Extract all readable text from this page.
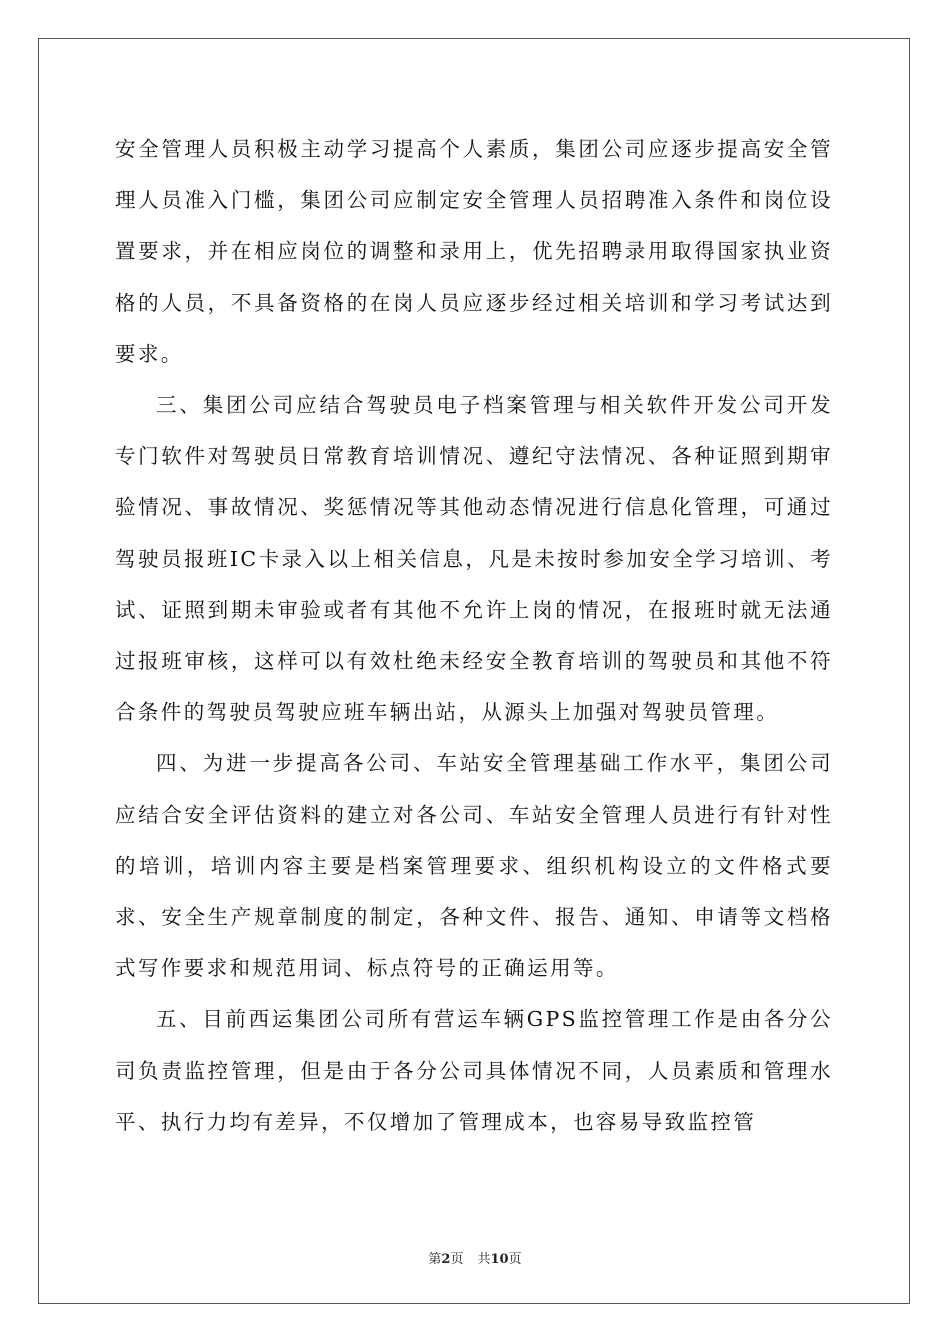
安全管理人员积极主动学习提高个人素质，集团公司应逐步提高安全管理人员准入门槛，集团公司应制定安全管理人员招聘准入条件和岗位设置要求，并在相应岗位的调整和录用上，优先招聘录用取得国家执业资格的人员，不具备资格的在岗人员应逐步经过相关培训和学习考试达到要求。

三、集团公司应结合驾驶员电子档案管理与相关软件开发公司开发专门软件对驾驶员日常教育培训情况、遵纪守法情况、各种证照到期审验情况、事故情况、奖惩情况等其他动态情况进行信息化管理，可通过驾驶员报班IC卡录入以上相关信息，凡是未按时参加安全学习培训、考试、证照到期未审验或者有其他不允许上岗的情况，在报班时就无法通过报班审核，这样可以有效杜绝未经安全教育培训的驾驶员和其他不符合条件的驾驶员驾驶应班车辆出站，从源头上加强对驾驶员管理。

四、为进一步提高各公司、车站安全管理基础工作水平，集团公司应结合安全评估资料的建立对各公司、车站安全管理人员进行有针对性的培训，培训内容主要是档案管理要求、组织机构设立的文件格式要求、安全生产规章制度的制定，各种文件、报告、通知、申请等文档格式写作要求和规范用词、标点符号的正确运用等。

五、目前西运集团公司所有营运车辆GPS监控管理工作是由各分公司负责监控管理，但是由于各分公司具体情况不同，人员素质和管理水平、执行力均有差异，不仅增加了管理成本，也容易导致监控管

第2页 共10页
